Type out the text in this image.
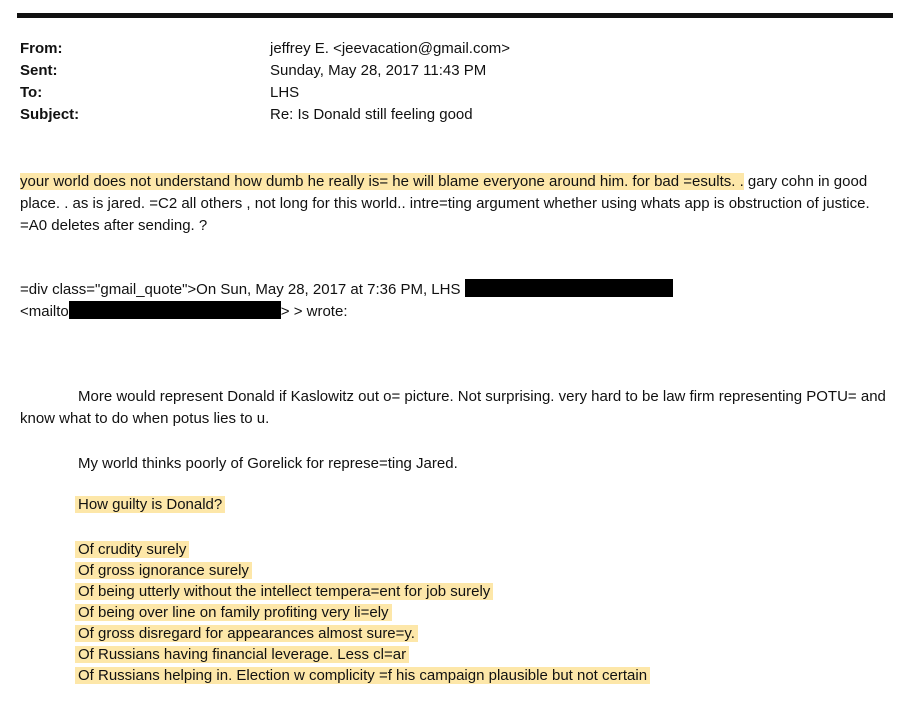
From:	jeffrey E. <jeevacation@gmail.com>
Sent:	Sunday, May 28, 2017 11:43 PM
To:	LHS
Subject:	Re: Is Donald still feeling good
your world does not understand how dumb he really is= he will blame everyone around him. for bad =esults. . gary cohn in good place. . as is jared. =C2 all others , not long for this world.. intre=ting argument whether using whats app is obstruction of justice. =A0 deletes after sending. ?
=div class="gmail_quote">On Sun, May 28, 2017 at 7:36 PM, LHS
<mailto	> > wrote:
More would represent Donald if Kaslowitz out o= picture. Not surprising. very hard to be law firm representing POTU= and know what to do when potus lies to u.
My world thinks poorly of Gorelick for represe=ting Jared.
How guilty is Donald?
Of crudity surely
Of gross ignorance surely
Of being utterly without the intellect tempera=ent for job surely
Of being over line on family profiting very li=ely
Of gross disregard for appearances almost sure=y.
Of Russians having financial leverage. Less cl=ar
Of Russians helping in. Election w complicity =f his campaign plausible but not certain
